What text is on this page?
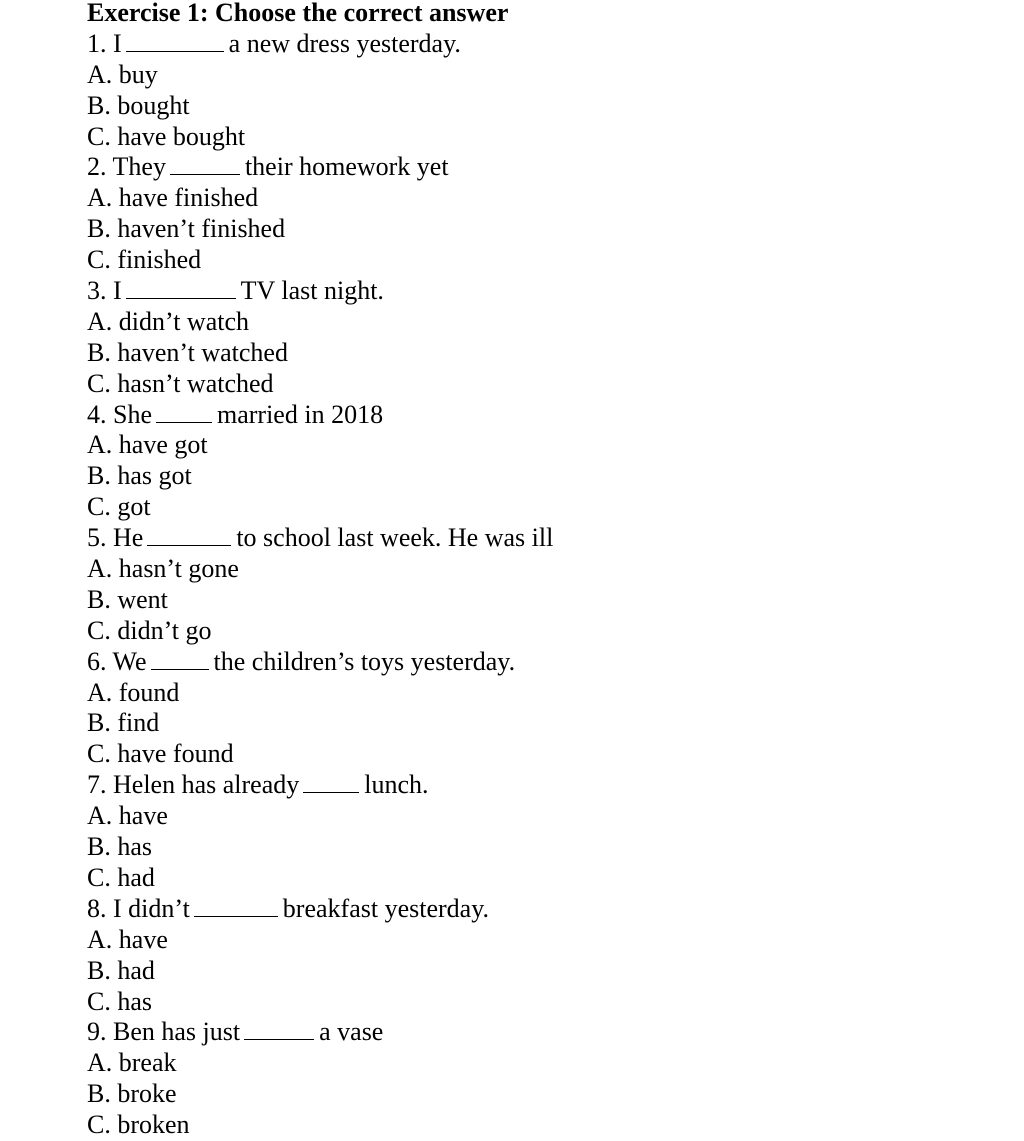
Exercise 1: Choose the correct answer
1. I	a new dress yesterday.
A. buy
B. bought
C. have bought
2. They	their homework yet
A. have finished
B. haven’t finished
C. finished
3. I	TV last night.
A. didn’t watch
B. haven’t watched
C. hasn’t watched
4. She	married in 2018
A. have got
B. has got
C. got
5. He	to school last week. He was ill
A. hasn’t gone
B. went
C. didn’t go
6. We	the children’s toys yesterday.
A. found
B. find
C. have found
7. Helen has already	lunch.
A. have
B. has
C. had
8. I didn’t	breakfast yesterday.
A. have
B. had
C. has
9. Ben has just	a vase
A. break
B. broke
C. broken
